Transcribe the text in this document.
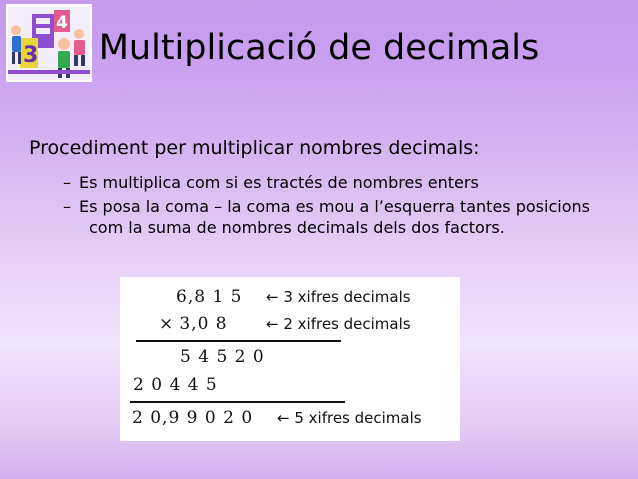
3
4
Multiplicació de decimals
Procediment per multiplicar nombres decimals:
– Es multiplica com si es tractés de nombres enters
– Es posa la coma – la coma es mou a l’esquerra tantes posicions
com la suma de nombres decimals dels dos factors.
6,8 1 5 ← 3 xifres decimals
× 3,0 8	← 2 xifres decimals
5 4 5 2 0
2 0 4 4 5
2 0,9 9 0 2 0 ← 5 xifres decimals
